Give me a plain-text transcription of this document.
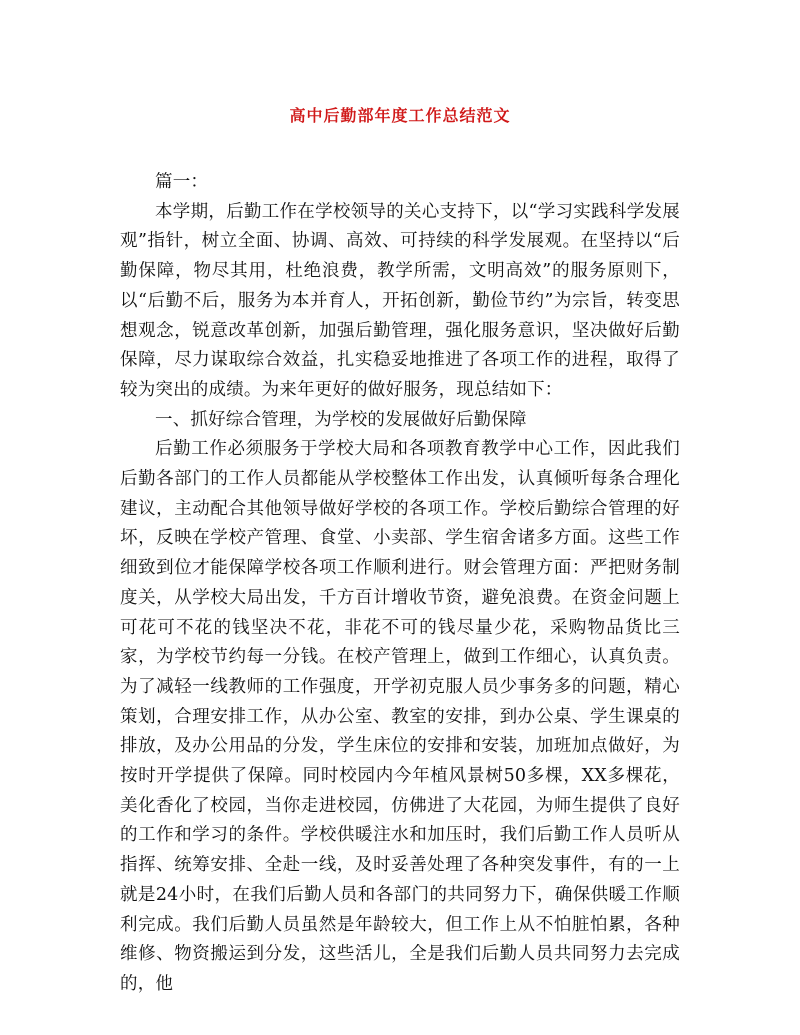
高中后勤部年度工作总结范文

篇一：

本学期，后勤工作在学校领导的关心支持下，以“学习实践科学发展观”指针，树立全面、协调、高效、可持续的科学发展观。在坚持以“后勤保障，物尽其用，杜绝浪费，教学所需，文明高效”的服务原则下，以“后勤不后，服务为本并育人，开拓创新，勤俭节约”为宗旨，转变思想观念，锐意改革创新，加强后勤管理，强化服务意识，坚决做好后勤保障，尽力谋取综合效益，扎实稳妥地推进了各项工作的进程，取得了较为突出的成绩。为来年更好的做好服务，现总结如下：

一、抓好综合管理，为学校的发展做好后勤保障

后勤工作必须服务于学校大局和各项教育教学中心工作，因此我们后勤各部门的工作人员都能从学校整体工作出发，认真倾听每条合理化建议，主动配合其他领导做好学校的各项工作。学校后勤综合管理的好坏，反映在学校产管理、食堂、小卖部、学生宿舍诸多方面。这些工作细致到位才能保障学校各项工作顺利进行。财会管理方面：严把财务制度关，从学校大局出发，千方百计增收节资，避免浪费。在资金问题上可花可不花的钱坚决不花，非花不可的钱尽量少花，采购物品货比三家，为学校节约每一分钱。在校产管理上，做到工作细心，认真负责。为了减轻一线教师的工作强度，开学初克服人员少事务多的问题，精心策划，合理安排工作，从办公室、教室的安排，到办公桌、学生课桌的排放，及办公用品的分发，学生床位的安排和安装，加班加点做好，为按时开学提供了保障。同时校园内今年植风景树50多棵，XX多棵花，美化香化了校园，当你走进校园，仿佛进了大花园，为师生提供了良好的工作和学习的条件。学校供暖注水和加压时，我们后勤工作人员听从指挥、统筹安排、全赴一线，及时妥善处理了各种突发事件，有的一上就是24小时，在我们后勤人员和各部门的共同努力下，确保供暖工作顺利完成。我们后勤人员虽然是年龄较大，但工作上从不怕脏怕累，各种维修、物资搬运到分发，这些活儿，全是我们后勤人员共同努力去完成的，他
